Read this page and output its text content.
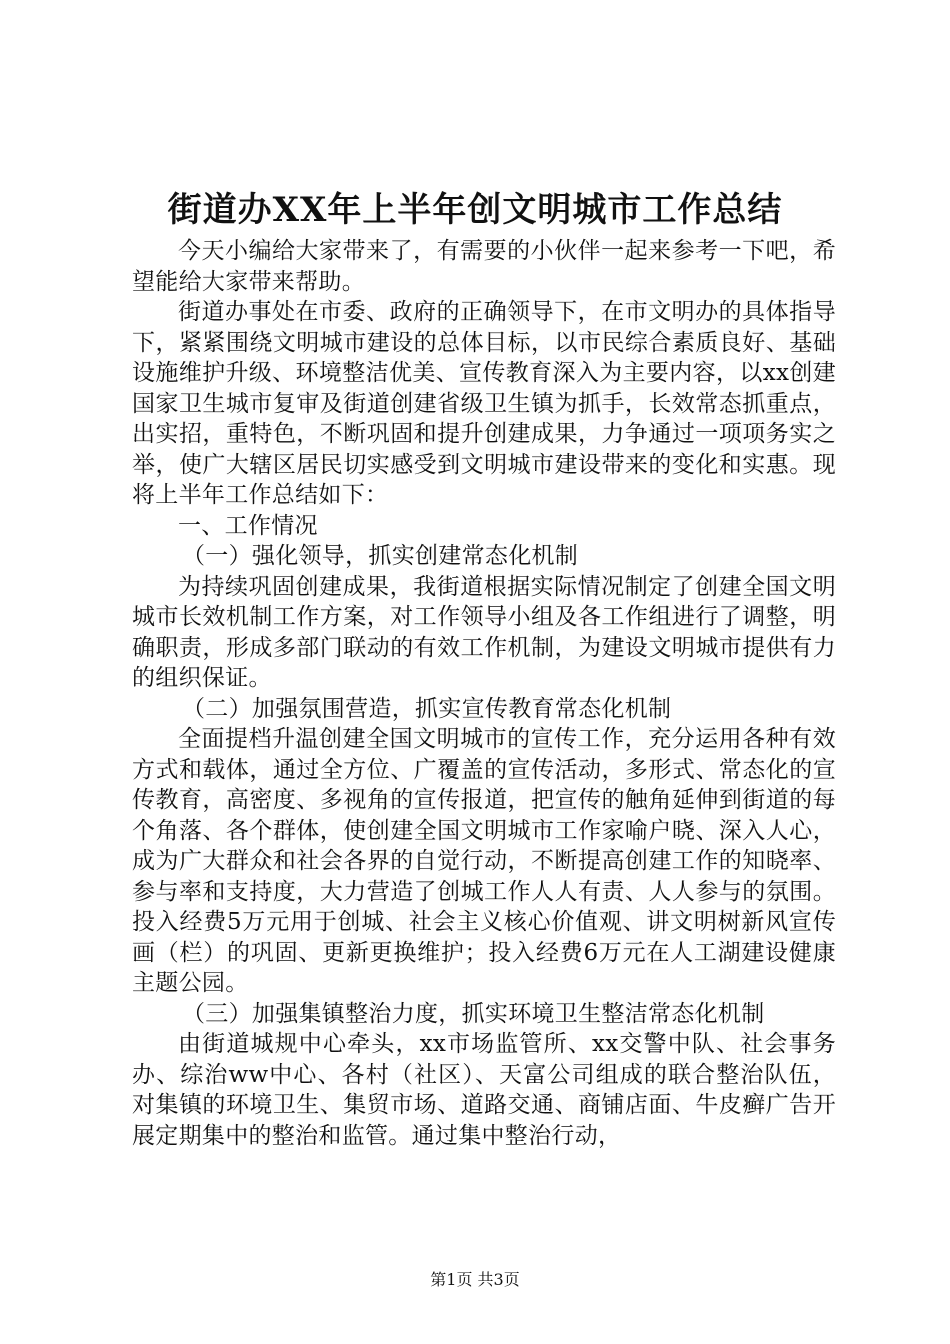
街道办XX年上半年创文明城市工作总结

今天小编给大家带来了，有需要的小伙伴一起来参考一下吧，希望能给大家带来帮助。

街道办事处在市委、政府的正确领导下，在市文明办的具体指导下，紧紧围绕文明城市建设的总体目标，以市民综合素质良好、基础设施维护升级、环境整洁优美、宣传教育深入为主要内容，以xx创建国家卫生城市复审及街道创建省级卫生镇为抓手，长效常态抓重点，出实招，重特色，不断巩固和提升创建成果，力争通过一项项务实之举，使广大辖区居民切实感受到文明城市建设带来的变化和实惠。现将上半年工作总结如下：

一、工作情况

（一）强化领导，抓实创建常态化机制

为持续巩固创建成果，我街道根据实际情况制定了创建全国文明城市长效机制工作方案，对工作领导小组及各工作组进行了调整，明确职责，形成多部门联动的有效工作机制，为建设文明城市提供有力的组织保证。

（二）加强氛围营造，抓实宣传教育常态化机制

全面提档升温创建全国文明城市的宣传工作，充分运用各种有效方式和载体，通过全方位、广覆盖的宣传活动，多形式、常态化的宣传教育，高密度、多视角的宣传报道，把宣传的触角延伸到街道的每个角落、各个群体，使创建全国文明城市工作家喻户晓、深入人心，成为广大群众和社会各界的自觉行动，不断提高创建工作的知晓率、参与率和支持度，大力营造了创城工作人人有责、人人参与的氛围。投入经费5万元用于创城、社会主义核心价值观、讲文明树新风宣传画（栏）的巩固、更新更换维护；投入经费6万元在人工湖建设健康主题公园。

（三）加强集镇整治力度，抓实环境卫生整洁常态化机制

由街道城规中心牵头，xx市场监管所、xx交警中队、社会事务办、综治ww中心、各村（社区）、天富公司组成的联合整治队伍，对集镇的环境卫生、集贸市场、道路交通、商铺店面、牛皮癣广告开展定期集中的整治和监管。通过集中整治行动，

第1页 共3页
